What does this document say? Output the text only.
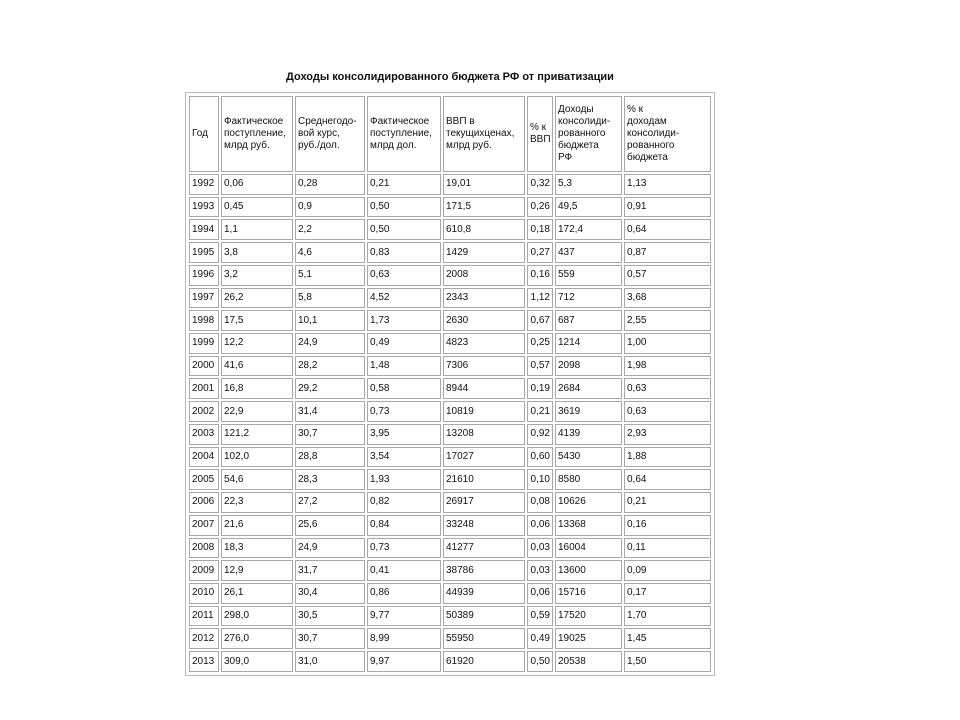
Доходы консолидированного бюджета РФ от приватизации
Год	Фактическое
поступление,
млрд руб.	Среднегодо-
вой курс,
руб./дол.	Фактическое
поступление,
млрд дол.	ВВП в
текущихценах,
млрд руб.	% к
ВВП	Доходы
консолиди-
рованного
бюджета
РФ	% к
доходам
консолиди-
рованного
бюджета
1992	0,06	0,28	0,21	19,01	0,32	5,3	1,13
1993	0,45	0,9	0,50	171,5	0,26	49,5	0,91
1994	1,1	2,2	0,50	610,8	0,18	172,4	0,64
1995	3,8	4,6	0,83	1429	0,27	437	0,87
1996	3,2	5,1	0,63	2008	0,16	559	0,57
1997	26,2	5,8	4,52	2343	1,12	712	3,68
1998	17,5	10,1	1,73	2630	0,67	687	2,55
1999	12,2	24,9	0,49	4823	0,25	1214	1,00
2000	41,6	28,2	1,48	7306	0,57	2098	1,98
2001	16,8	29,2	0,58	8944	0,19	2684	0,63
2002	22,9	31,4	0,73	10819	0,21	3619	0,63
2003	121,2	30,7	3,95	13208	0,92	4139	2,93
2004	102,0	28,8	3,54	17027	0,60	5430	1,88
2005	54,6	28,3	1,93	21610	0,10	8580	0,64
2006	22,3	27,2	0,82	26917	0,08	10626	0,21
2007	21,6	25,6	0,84	33248	0,06	13368	0,16
2008	18,3	24,9	0,73	41277	0,03	16004	0,11
2009	12,9	31,7	0,41	38786	0,03	13600	0,09
2010	26,1	30,4	0,86	44939	0,06	15716	0,17
2011	298,0	30,5	9,77	50389	0,59	17520	1,70
2012	276,0	30,7	8,99	55950	0,49	19025	1,45
2013	309,0	31,0	9,97	61920	0,50	20538	1,50
